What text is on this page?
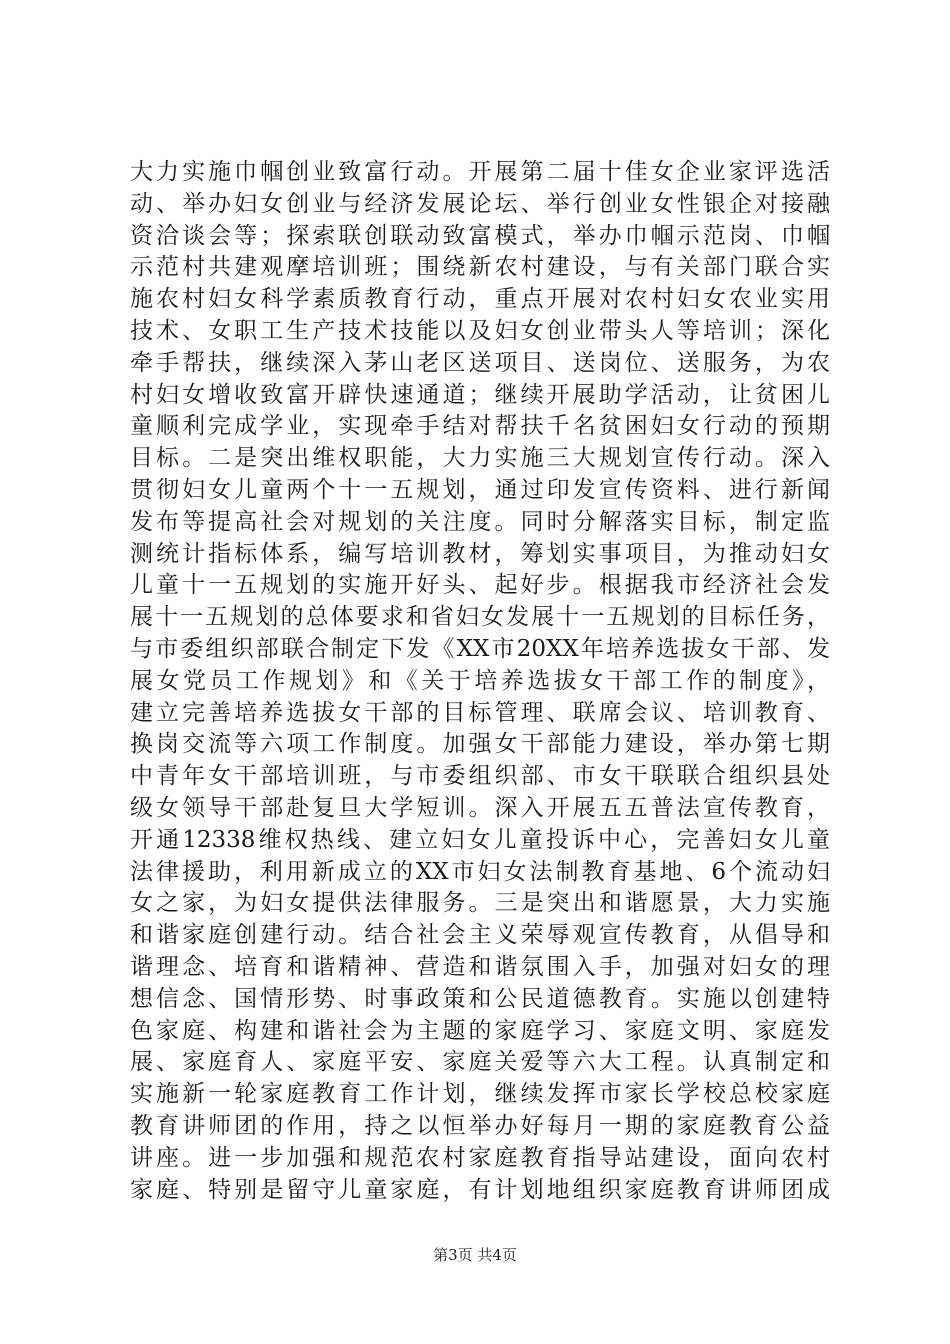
大力实施巾帼创业致富行动。开展第二届十佳女企业家评选活
动、举办妇女创业与经济发展论坛、举行创业女性银企对接融
资洽谈会等；探索联创联动致富模式，举办巾帼示范岗、巾帼
示范村共建观摩培训班；围绕新农村建设，与有关部门联合实
施农村妇女科学素质教育行动，重点开展对农村妇女农业实用
技术、女职工生产技术技能以及妇女创业带头人等培训；深化
牵手帮扶，继续深入茅山老区送项目、送岗位、送服务，为农
村妇女增收致富开辟快速通道；继续开展助学活动，让贫困儿
童顺利完成学业，实现牵手结对帮扶千名贫困妇女行动的预期
目标。二是突出维权职能，大力实施三大规划宣传行动。深入
贯彻妇女儿童两个十一五规划，通过印发宣传资料、进行新闻
发布等提高社会对规划的关注度。同时分解落实目标，制定监
测统计指标体系，编写培训教材，筹划实事项目，为推动妇女
儿童十一五规划的实施开好头、起好步。根据我市经济社会发
展十一五规划的总体要求和省妇女发展十一五规划的目标任务，
与市委组织部联合制定下发《XX市20XX年培养选拔女干部、发
展女党员工作规划》和《关于培养选拔女干部工作的制度》，
建立完善培养选拔女干部的目标管理、联席会议、培训教育、
换岗交流等六项工作制度。加强女干部能力建设，举办第七期
中青年女干部培训班，与市委组织部、市女干联联合组织县处
级女领导干部赴复旦大学短训。深入开展五五普法宣传教育，
开通12338维权热线、建立妇女儿童投诉中心，完善妇女儿童
法律援助，利用新成立的XX市妇女法制教育基地、6个流动妇
女之家，为妇女提供法律服务。三是突出和谐愿景，大力实施
和谐家庭创建行动。结合社会主义荣辱观宣传教育，从倡导和
谐理念、培育和谐精神、营造和谐氛围入手，加强对妇女的理
想信念、国情形势、时事政策和公民道德教育。实施以创建特
色家庭、构建和谐社会为主题的家庭学习、家庭文明、家庭发
展、家庭育人、家庭平安、家庭关爱等六大工程。认真制定和
实施新一轮家庭教育工作计划，继续发挥市家长学校总校家庭
教育讲师团的作用，持之以恒举办好每月一期的家庭教育公益
讲座。进一步加强和规范农村家庭教育指导站建设，面向农村
家庭、特别是留守儿童家庭，有计划地组织家庭教育讲师团成
第3页 共4页
